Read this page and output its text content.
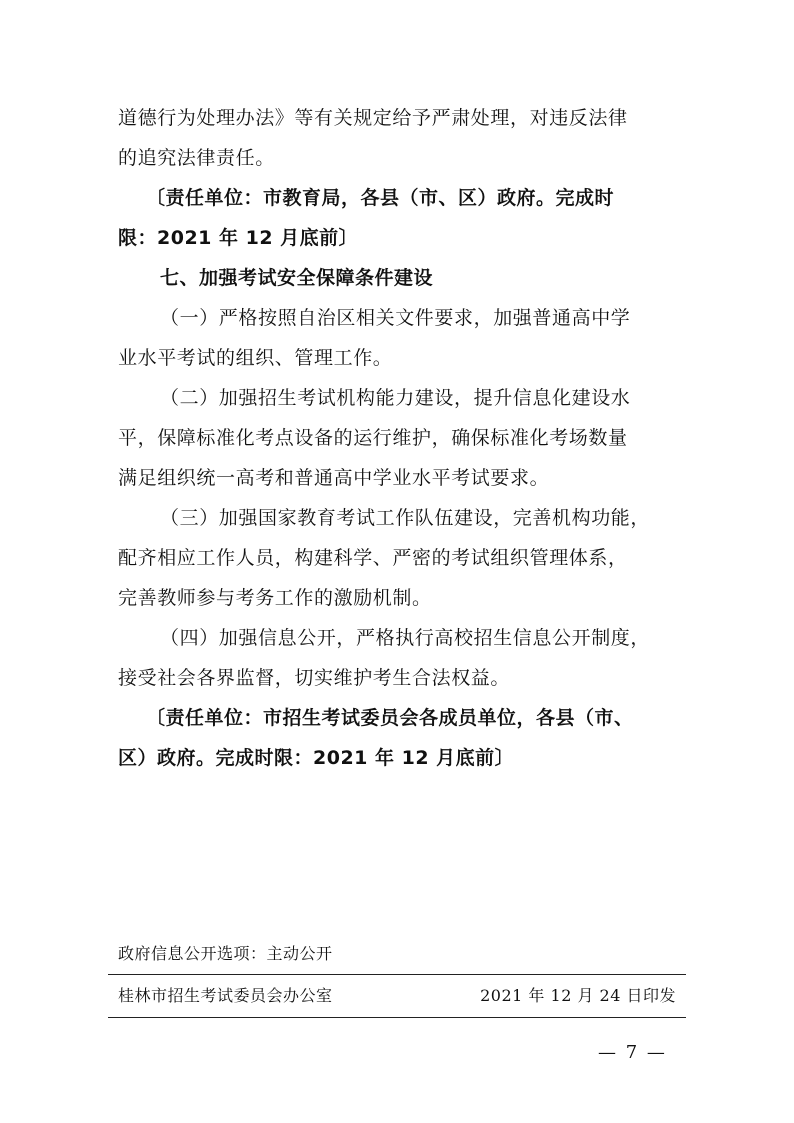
道德行为处理办法》等有关规定给予严肃处理，对违反法律
的追究法律责任。
〔责任单位：市教育局，各县（市、区）政府。完成时
限：2021 年 12 月底前〕
七、加强考试安全保障条件建设
（一）严格按照自治区相关文件要求，加强普通高中学
业水平考试的组织、管理工作。
（二）加强招生考试机构能力建设，提升信息化建设水
平，保障标准化考点设备的运行维护，确保标准化考场数量
满足组织统一高考和普通高中学业水平考试要求。
（三）加强国家教育考试工作队伍建设，完善机构功能，
配齐相应工作人员，构建科学、严密的考试组织管理体系，
完善教师参与考务工作的激励机制。
（四）加强信息公开，严格执行高校招生信息公开制度，
接受社会各界监督，切实维护考生合法权益。
〔责任单位：市招生考试委员会各成员单位，各县（市、
区）政府。完成时限：2021 年 12 月底前〕
政府信息公开选项：主动公开
桂林市招生考试委员会办公室	2021 年 12 月 24 日印发
— 7 —
